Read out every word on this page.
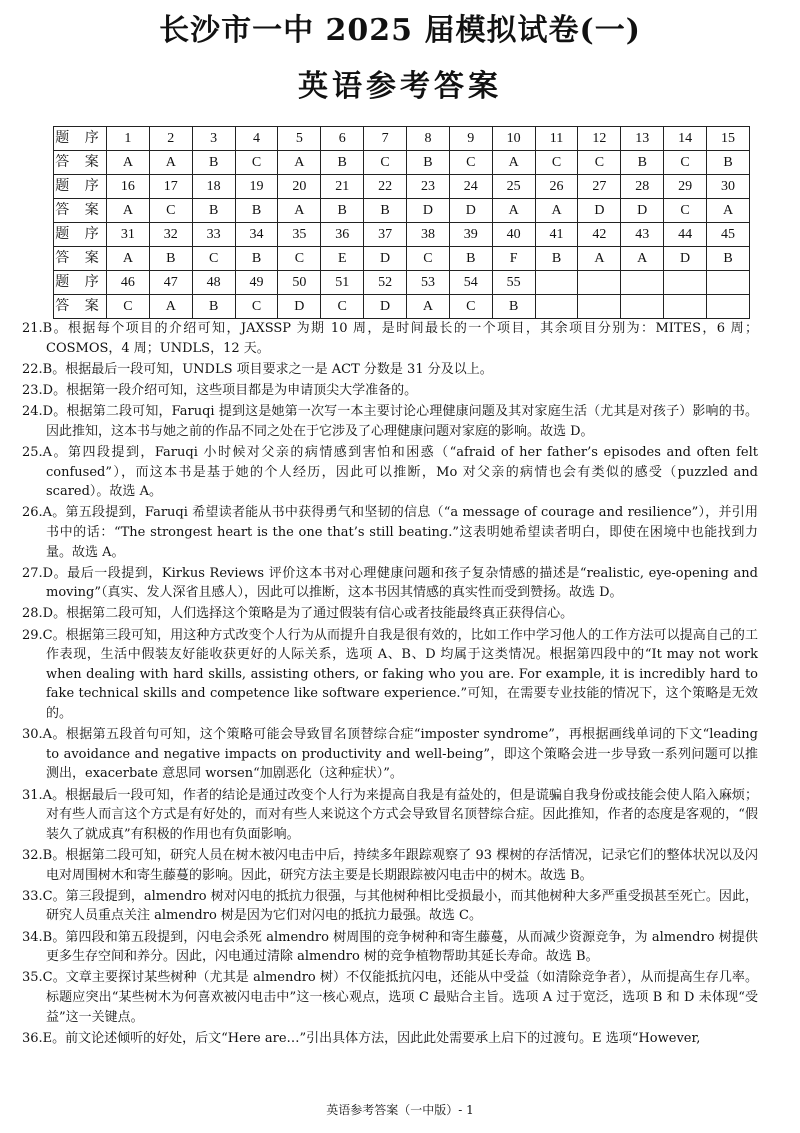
长沙市一中 2025 届模拟试卷(一)
英语参考答案
题 序	1	2	3	4	5	6	7	8	9	10	11	12	13	14	15
答 案	A	A	B	C	A	B	C	B	C	A	C	C	B	C	B
题 序	16	17	18	19	20	21	22	23	24	25	26	27	28	29	30
答 案	A	C	B	B	A	B	B	D	D	A	A	D	D	C	A
题 序	31	32	33	34	35	36	37	38	39	40	41	42	43	44	45
答 案	A	B	C	B	C	E	D	C	B	F	B	A	A	D	B
题 序	46	47	48	49	50	51	52	53	54	55					
答 案	C	A	B	C	D	C	D	A	C	B					
21.B。根据每个项目的介绍可知，JAXSSP 为期 10 周，是时间最长的一个项目，其余项目分别为：MITES，6 周；COSMOS，4 周；UNDLS，12 天。
22.B。根据最后一段可知，UNDLS 项目要求之一是 ACT 分数是 31 分及以上。
23.D。根据第一段介绍可知，这些项目都是为申请顶尖大学准备的。
24.D。根据第二段可知，Faruqi 提到这是她第一次写一本主要讨论心理健康问题及其对家庭生活（尤其是对孩子）影响的书。因此推知，这本书与她之前的作品不同之处在于它涉及了心理健康问题对家庭的影响。故选 D。
25.A。第四段提到，Faruqi 小时候对父亲的病情感到害怕和困惑（“afraid of her father’s episodes and often felt confused”），而这本书是基于她的个人经历，因此可以推断，Mo 对父亲的病情也会有类似的感受（puzzled and scared）。故选 A。
26.A。第五段提到，Faruqi 希望读者能从书中获得勇气和坚韧的信息（“a message of courage and resilience”），并引用书中的话：“The strongest heart is the one that’s still beating.”这表明她希望读者明白，即使在困境中也能找到力量。故选 A。
27.D。最后一段提到，Kirkus Reviews 评价这本书对心理健康问题和孩子复杂情感的描述是“realistic, eye-opening and moving”（真实、发人深省且感人），因此可以推断，这本书因其情感的真实性而受到赞扬。故选 D。
28.D。根据第二段可知，人们选择这个策略是为了通过假装有信心或者技能最终真正获得信心。
29.C。根据第三段可知，用这种方式改变个人行为从而提升自我是很有效的，比如工作中学习他人的工作方法可以提高自己的工作表现，生活中假装友好能收获更好的人际关系，选项 A、B、D 均属于这类情况。根据第四段中的“It may not work when dealing with hard skills, assisting others, or faking who you are. For example, it is incredibly hard to fake technical skills and competence like software experience.”可知，在需要专业技能的情况下，这个策略是无效的。
30.A。根据第五段首句可知，这个策略可能会导致冒名顶替综合症“imposter syndrome”，再根据画线单词的下文“leading to avoidance and negative impacts on productivity and well-being”，即这个策略会进一步导致一系列问题可以推测出，exacerbate 意思同 worsen“加剧恶化（这种症状）”。
31.A。根据最后一段可知，作者的结论是通过改变个人行为来提高自我是有益处的，但是谎骗自我身份或技能会使人陷入麻烦；对有些人而言这个方式是有好处的，而对有些人来说这个方式会导致冒名顶替综合症。因此推知，作者的态度是客观的，“假装久了就成真”有积极的作用也有负面影响。
32.B。根据第二段可知，研究人员在树木被闪电击中后，持续多年跟踪观察了 93 棵树的存活情况，记录它们的整体状况以及闪电对周围树木和寄生藤蔓的影响。因此，研究方法主要是长期跟踪被闪电击中的树木。故选 B。
33.C。第三段提到，almendro 树对闪电的抵抗力很强，与其他树种相比受损最小，而其他树种大多严重受损甚至死亡。因此，研究人员重点关注 almendro 树是因为它们对闪电的抵抗力最强。故选 C。
34.B。第四段和第五段提到，闪电会杀死 almendro 树周围的竞争树种和寄生藤蔓，从而减少资源竞争，为 almendro 树提供更多生存空间和养分。因此，闪电通过清除 almendro 树的竞争植物帮助其延长寿命。故选 B。
35.C。文章主要探讨某些树种（尤其是 almendro 树）不仅能抵抗闪电，还能从中受益（如清除竞争者），从而提高生存几率。标题应突出“某些树木为何喜欢被闪电击中”这一核心观点，选项 C 最贴合主旨。选项 A 过于宽泛，选项 B 和 D 未体现“受益”这一关键点。
36.E。前文论述倾听的好处，后文“Here are…”引出具体方法，因此此处需要承上启下的过渡句。E 选项“However,
英语参考答案（一中版）- 1
